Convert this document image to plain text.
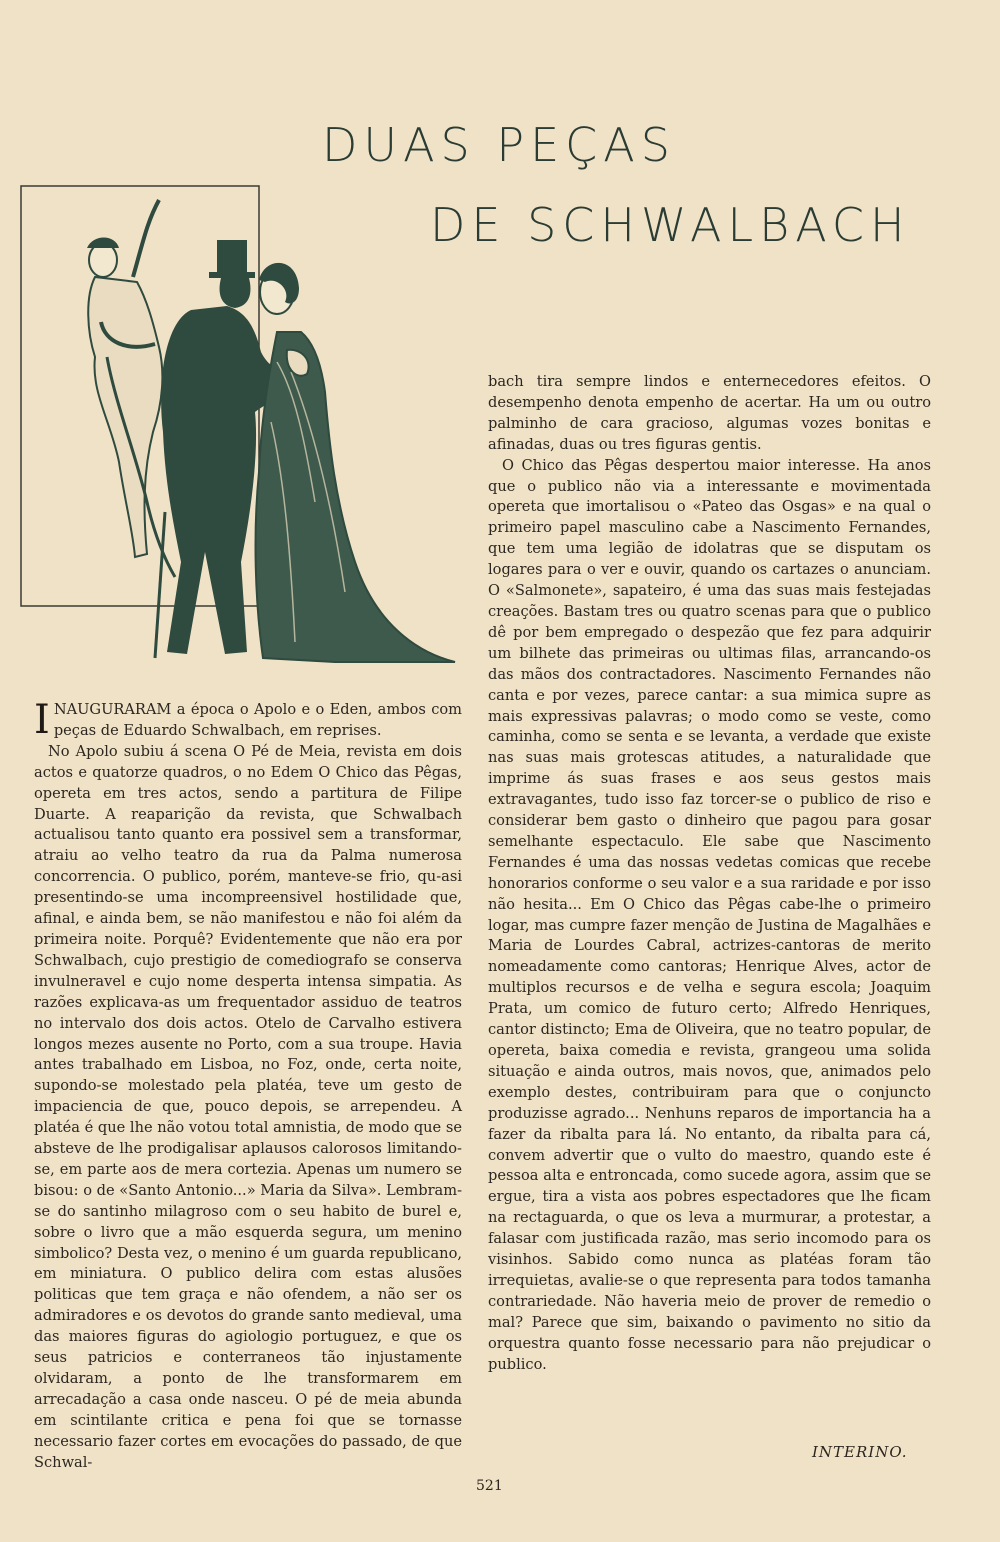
DUAS PEÇAS
DE SCHWALBACH

INAUGURARAM a época o Apolo e o Eden, ambos com peças de Eduardo Schwalbach, em reprises.

No Apolo subiu á scena O Pé de Meia, revista em dois actos e quatorze quadros, o no Edem O Chico das Pêgas, opereta em tres actos, sendo a partitura de Filipe Duarte. A reaparição da revista, que Schwalbach actualisou tanto quanto era possivel sem a transformar, atraiu ao velho teatro da rua da Palma numerosa concorrencia. O publico, porém, manteve-se frio, qu-asi presentindo-se uma incompreensivel hostilidade que, afinal, e ainda bem, se não manifestou e não foi além da primeira noite. Porquê? Evidentemente que não era por Schwalbach, cujo prestigio de comediografo se conserva invulneravel e cujo nome desperta intensa simpatia. As razões explicava-as um frequentador assiduo de teatros no intervalo dos dois actos. Otelo de Carvalho estivera longos mezes ausente no Porto, com a sua troupe. Havia antes trabalhado em Lisboa, no Foz, onde, certa noite, supondo-se molestado pela platéa, teve um gesto de impaciencia de que, pouco depois, se arrependeu. A platéa é que lhe não votou total amnistia, de modo que se absteve de lhe prodigalisar aplausos calorosos limitando-se, em parte aos de mera cortezia. Apenas um numero se bisou: o de «Santo Antonio...» Maria da Silva». Lembram-se do santinho milagroso com o seu habito de burel e, sobre o livro que a mão esquerda segura, um menino simbolico? Desta vez, o menino é um guarda republicano, em miniatura. O publico delira com estas alusões politicas que tem graça e não ofendem, a não ser os admiradores e os devotos do grande santo medieval, uma das maiores figuras do agiologio portuguez, e que os seus patricios e conterraneos tão injustamente olvidaram, a ponto de lhe transformarem em arrecadação a casa onde nasceu. O pé de meia abunda em scintilante critica e pena foi que se tornasse necessario fazer cortes em evocações do passado, de que Schwal-

bach tira sempre lindos e enternecedores efeitos. O desempenho denota empenho de acertar. Ha um ou outro palminho de cara gracioso, algumas vozes bonitas e afinadas, duas ou tres figuras gentis.

O Chico das Pêgas despertou maior interesse. Ha anos que o publico não via a interessante e movimentada opereta que imortalisou o «Pateo das Osgas» e na qual o primeiro papel masculino cabe a Nascimento Fernandes, que tem uma legião de idolatras que se disputam os logares para o ver e ouvir, quando os cartazes o anunciam. O «Salmonete», sapateiro, é uma das suas mais festejadas creações. Bastam tres ou quatro scenas para que o publico dê por bem empregado o despezão que fez para adquirir um bilhete das primeiras ou ultimas filas, arrancando-os das mãos dos contractadores. Nascimento Fernandes não canta e por vezes, parece cantar: a sua mimica supre as mais expressivas palavras; o modo como se veste, como caminha, como se senta e se levanta, a verdade que existe nas suas mais grotescas atitudes, a naturalidade que imprime ás suas frases e aos seus gestos mais extravagantes, tudo isso faz torcer-se o publico de riso e considerar bem gasto o dinheiro que pagou para gosar semelhante espectaculo. Ele sabe que Nascimento Fernandes é uma das nossas vedetas comicas que recebe honorarios conforme o seu valor e a sua raridade e por isso não hesita... Em O Chico das Pêgas cabe-lhe o primeiro logar, mas cumpre fazer menção de Justina de Magalhães e Maria de Lourdes Cabral, actrizes-cantoras de merito nomeadamente como cantoras; Henrique Alves, actor de multiplos recursos e de velha e segura escola; Joaquim Prata, um comico de futuro certo; Alfredo Henriques, cantor distincto; Ema de Oliveira, que no teatro popular, de opereta, baixa comedia e revista, grangeou uma solida situação e ainda outros, mais novos, que, animados pelo exemplo destes, contribuiram para que o conjuncto produzisse agrado... Nenhuns reparos de importancia ha a fazer da ribalta para lá. No entanto, da ribalta para cá, convem advertir que o vulto do maestro, quando este é pessoa alta e entroncada, como sucede agora, assim que se ergue, tira a vista aos pobres espectadores que lhe ficam na rectaguarda, o que os leva a murmurar, a protestar, a falasar com justificada razão, mas serio incomodo para os visinhos. Sabido como nunca as platéas foram tão irrequietas, avalie-se o que representa para todos tamanha contrariedade. Não haveria meio de prover de remedio o mal? Parece que sim, baixando o pavimento no sitio da orquestra quanto fosse necessario para não prejudicar o publico.

INTERINO.
521
